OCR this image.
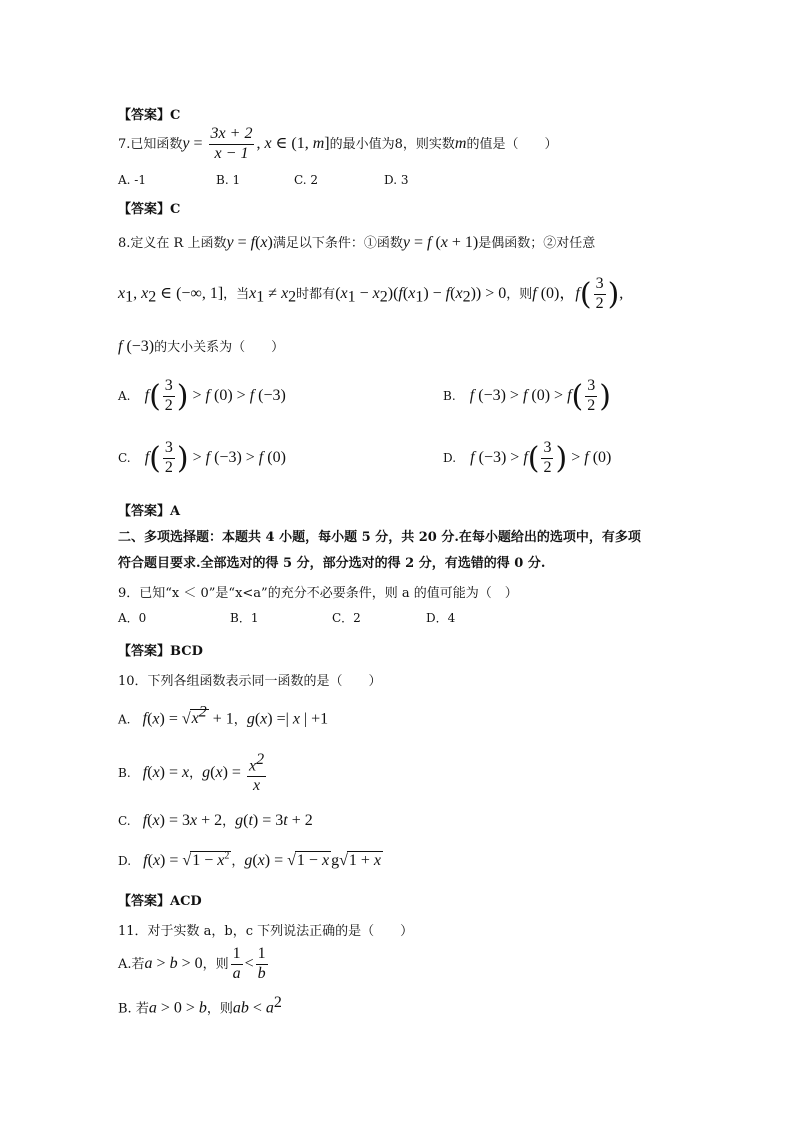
【答案】C
7.已知函数$y = \frac{3x + 2}{x - 1}$ , x ∈ (1, m]的最小值为8，则实数m的值是（　　）
A. -1	B. 1	C. 2	D. 3
【答案】C
8.定义在 R 上函数y = f(x)满足以下条件：①函数y = f (x + 1)是偶函数；②对任意
$x_1$, $x_2$ ∈ (−∞, 1]，当$x_1 \ne x_2$时都有$(x_1 - x_2)(f(x_1) - f(x_2)) > 0$，则f (0)，$f( \frac{3}{2}$ ),
f (−3)的大小关系为（　　）
A. $f( \frac{3}{2}$ ) > f (0) > f (−3)	B. f (−3) > f $(0) > f( \frac{3}{2}$ )
C. $f( \frac{3}{2}$ ) > f (−3) > f (0)	D. f $(-3) > f( \frac{3}{2}$ ) > f (0)
【答案】A
二、多项选择题：本题共 4 小题，每小题 5 分，共 20 分.在每小题给出的选项中，有多项
符合题目要求.全部选对的得 5 分，部分选对的得 2 分，有选错的得 0 分.
9．已知“x ＜ 0”是“x<a”的充分不必要条件，则 a 的值可能为（　）
A．0	B．1	C．2	D．4
【答案】BCD
10．下列各组函数表示同一函数的是（　　）
A. $f(x) = √x^2 + 1$，g(x) =| x | +1
B. f(x) = x，$g(x) = \frac{x^2}{x}$
C. f(x) = 3x + 2，g(t) = 3t + 2
D. $f(x) = √1 - x^2$ ，g(x) = √1 − x g√1 + x
【答案】ACD
11．对于实数 a，b，c 下列说法正确的是（　　）
A.若a > b > 0，则 $\frac{1}{a} < \frac{1}{b}$
B. 若a > 0 > b，则ab < $a^2$
